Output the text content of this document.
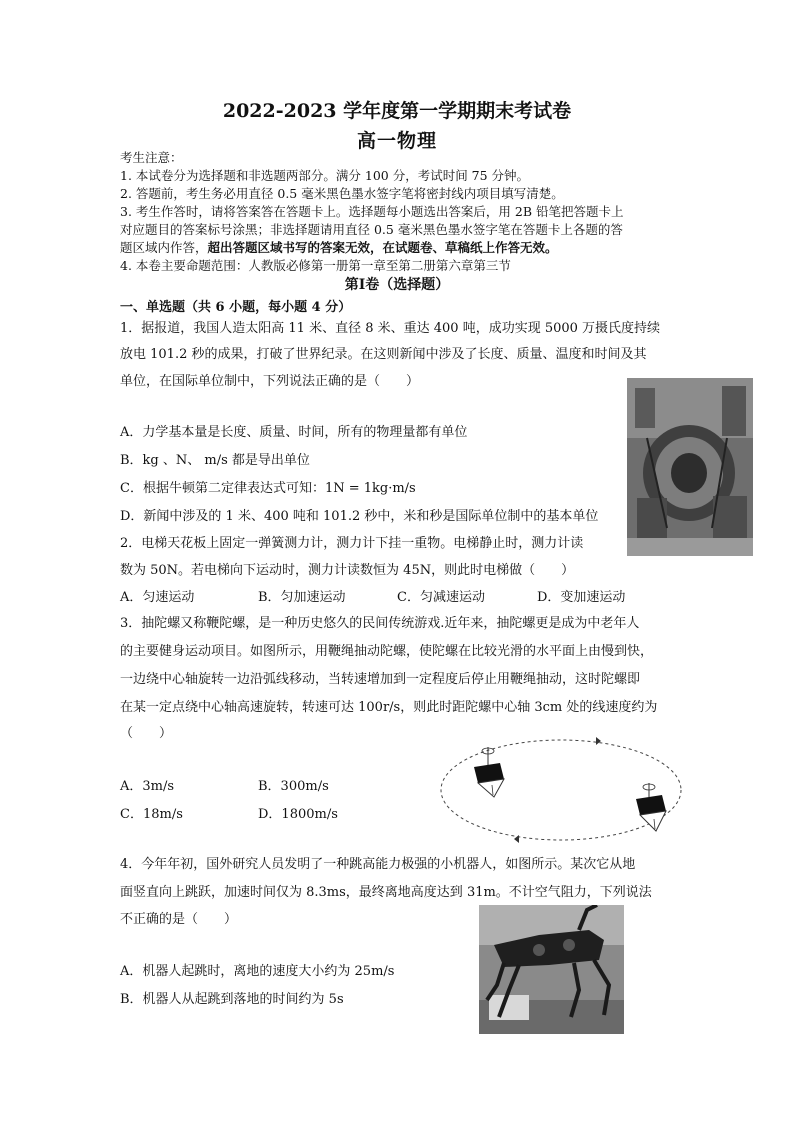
2022-2023 学年度第一学期期末考试卷
高一物理
考生注意：
1. 本试卷分为选择题和非选题两部分。满分 100 分，考试时间 75 分钟。
2. 答题前，考生务必用直径 0.5 毫米黑色墨水签字笔将密封线内项目填写清楚。
3. 考生作答时，请将答案答在答题卡上。选择题每小题选出答案后，用 2B 铅笔把答题卡上
对应题目的答案标号涂黑；非选择题请用直径 0.5 毫米黑色墨水签字笔在答题卡上各题的答
题区域内作答，超出答题区域书写的答案无效，在试题卷、草稿纸上作答无效。
4. 本卷主要命题范围：人教版必修第一册第一章至第二册第六章第三节
第Ⅰ卷（选择题）
一、单选题（共 6 小题，每小题 4 分）
1．据报道，我国人造太阳高 11 米、直径 8 米、重达 400 吨，成功实现 5000 万摄氏度持续
放电 101.2 秒的成果，打破了世界纪录。在这则新闻中涉及了长度、质量、温度和时间及其
单位，在国际单位制中，下列说法正确的是（　　）
A．力学基本量是长度、质量、时间，所有的物理量都有单位
B．kg 、N、 m/s 都是导出单位
C．根据牛顿第二定律表达式可知：1N = 1kg·m/s
D．新闻中涉及的 1 米、400 吨和 101.2 秒中，米和秒是国际单位制中的基本单位
2．电梯天花板上固定一弹簧测力计，测力计下挂一重物。电梯静止时，测力计读
数为 50N。若电梯向下运动时，测力计读数恒为 45N，则此时电梯做（　　）
A．匀速运动	B．匀加速运动	C．匀减速运动	D．变加速运动
3．抽陀螺又称鞭陀螺，是一种历史悠久的民间传统游戏.近年来，抽陀螺更是成为中老年人
的主要健身运动项目。如图所示，用鞭绳抽动陀螺，使陀螺在比较光滑的水平面上由慢到快，
一边绕中心轴旋转一边沿弧线移动，当转速增加到一定程度后停止用鞭绳抽动，这时陀螺即
在某一定点绕中心轴高速旋转，转速可达 100r/s，则此时距陀螺中心轴 3cm 处的线速度约为
（　　）
A．3m/s	B．300m/s
C．18m/s	D．1800m/s
4．今年年初，国外研究人员发明了一种跳高能力极强的小机器人，如图所示。某次它从地
面竖直向上跳跃，加速时间仅为 8.3ms，最终离地高度达到 31m。不计空气阻力，下列说法
不正确的是（　　）
A．机器人起跳时，离地的速度大小约为 25m/s
B．机器人从起跳到落地的时间约为 5s
